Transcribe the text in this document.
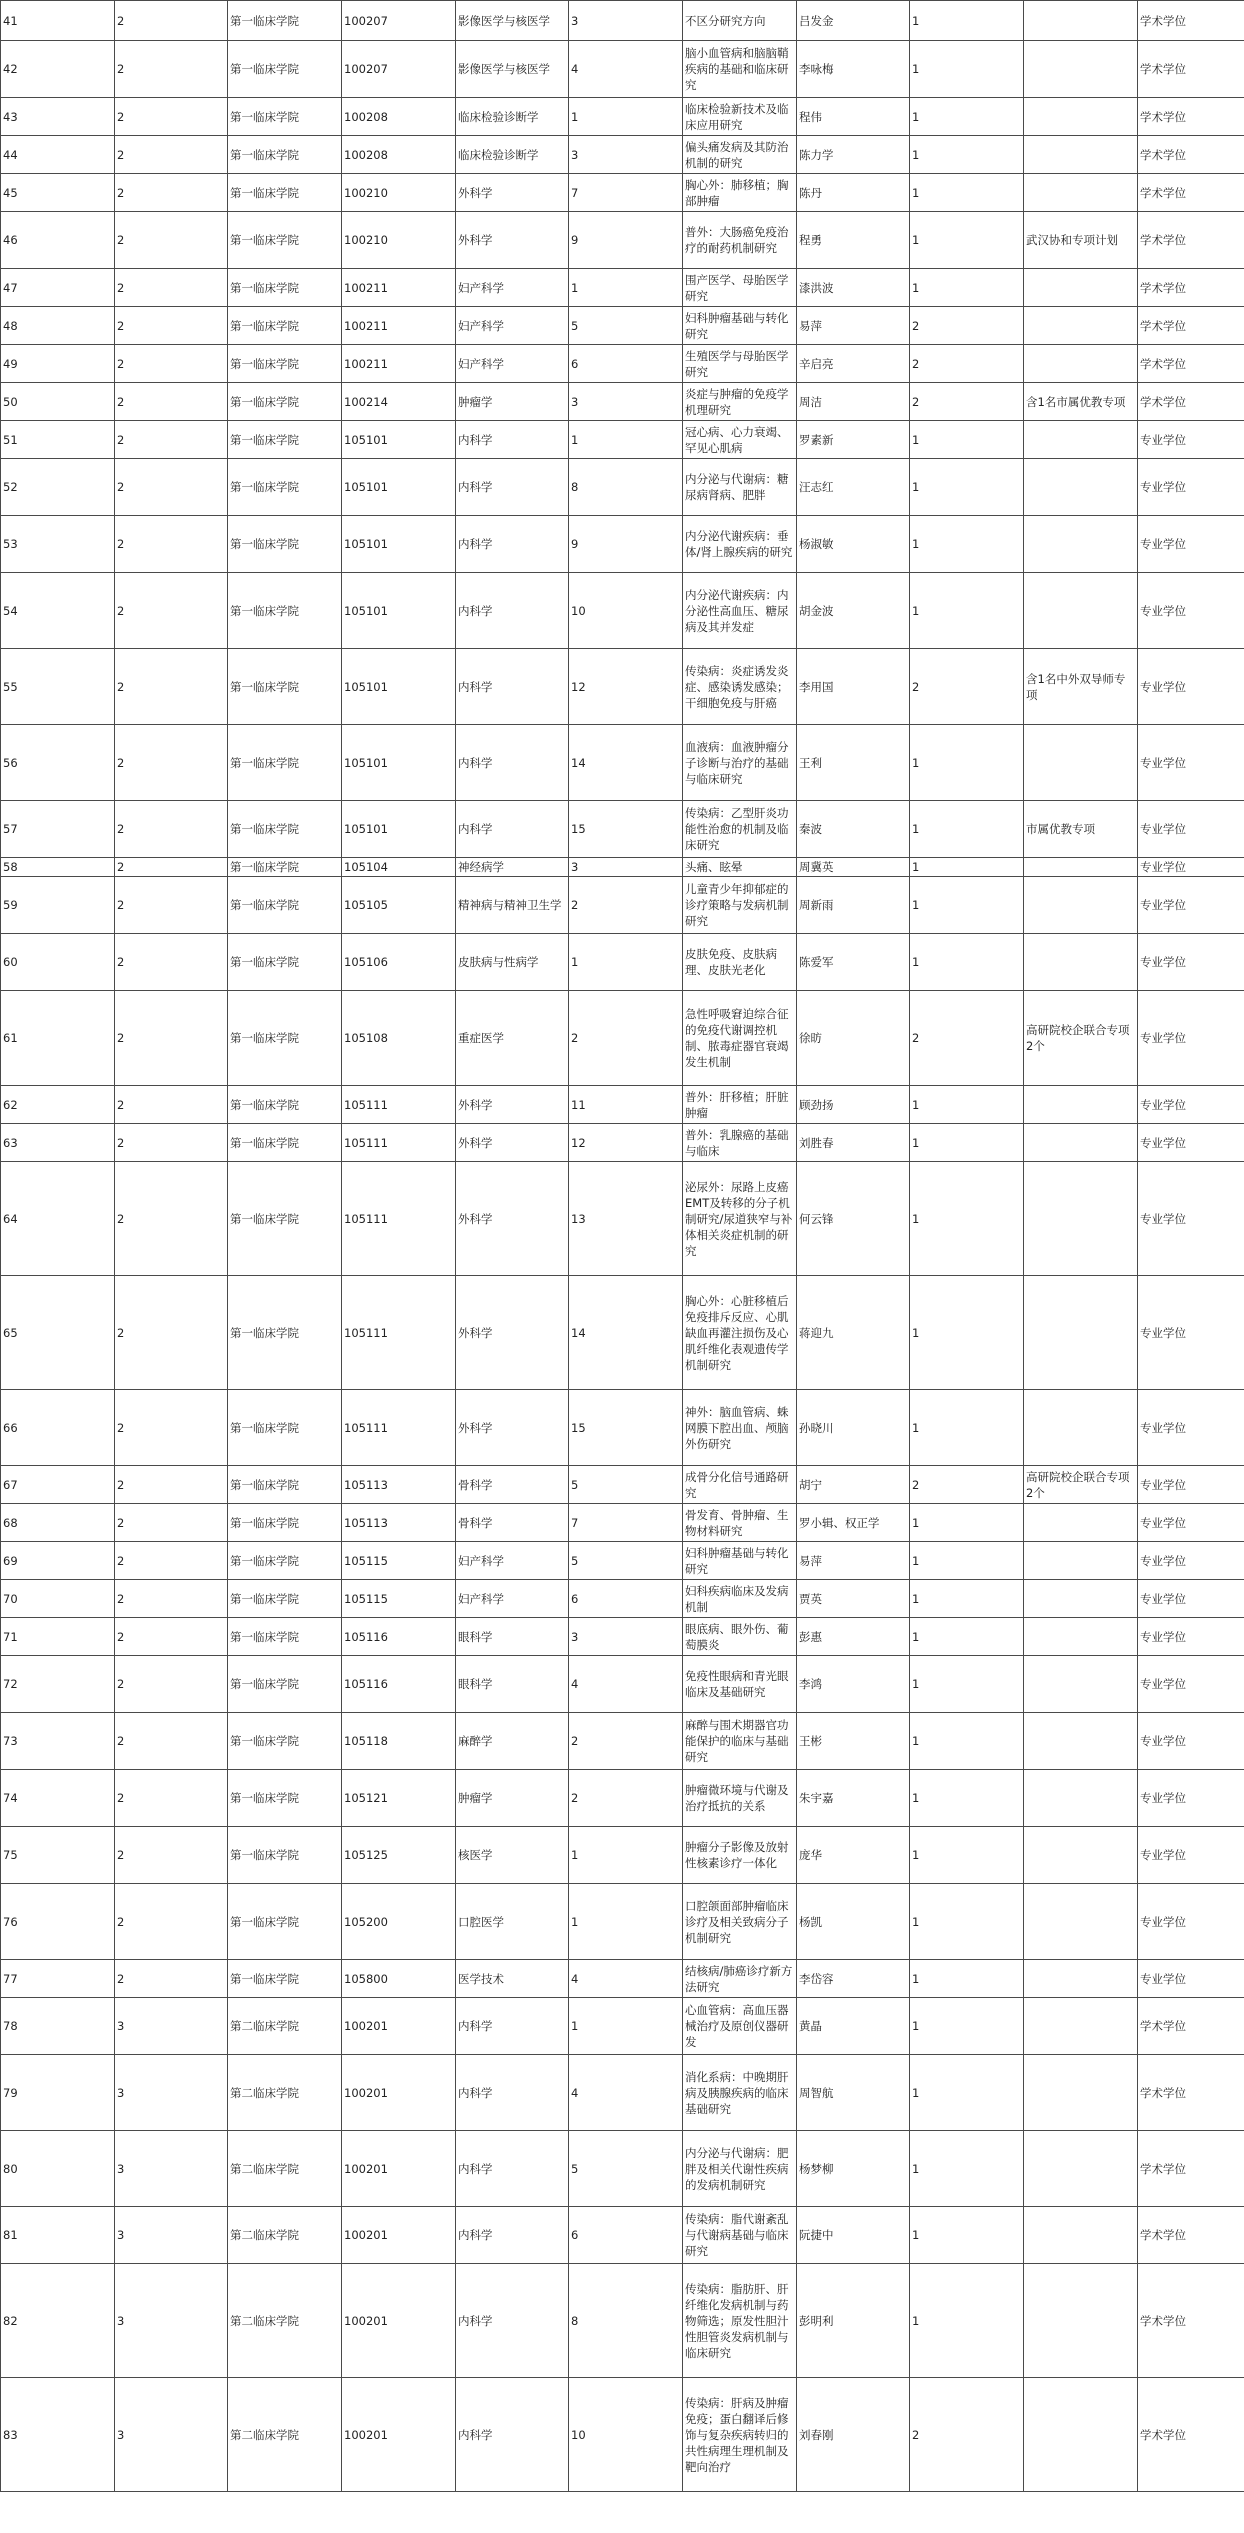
41	2	第一临床学院	100207	影像医学与核医学	3	不区分研究方向	吕发金	1		学术学位
42	2	第一临床学院	100207	影像医学与核医学	4	脑小血管病和脑脑鞘疾病的基础和临床研究	李咏梅	1		学术学位
43	2	第一临床学院	100208	临床检验诊断学	1	临床检验新技术及临床应用研究	程伟	1		学术学位
44	2	第一临床学院	100208	临床检验诊断学	3	偏头痛发病及其防治机制的研究	陈力学	1		学术学位
45	2	第一临床学院	100210	外科学	7	胸心外：肺移植；胸部肿瘤	陈丹	1		学术学位
46	2	第一临床学院	100210	外科学	9	普外：大肠癌免疫治疗的耐药机制研究	程勇	1	武汉协和专项计划	学术学位
47	2	第一临床学院	100211	妇产科学	1	围产医学、母胎医学研究	漆洪波	1		学术学位
48	2	第一临床学院	100211	妇产科学	5	妇科肿瘤基础与转化研究	易萍	2		学术学位
49	2	第一临床学院	100211	妇产科学	6	生殖医学与母胎医学研究	辛启亮	2		学术学位
50	2	第一临床学院	100214	肿瘤学	3	炎症与肿瘤的免疫学机理研究	周洁	2	含1名市属优教专项	学术学位
51	2	第一临床学院	105101	内科学	1	冠心病、心力衰竭、罕见心肌病	罗素新	1		专业学位
52	2	第一临床学院	105101	内科学	8	内分泌与代谢病：糖尿病肾病、肥胖	汪志红	1		专业学位
53	2	第一临床学院	105101	内科学	9	内分泌代谢疾病：垂体/肾上腺疾病的研究	杨淑敏	1		专业学位
54	2	第一临床学院	105101	内科学	10	内分泌代谢疾病：内分泌性高血压、糖尿病及其并发症	胡金波	1		专业学位
55	2	第一临床学院	105101	内科学	12	传染病：炎症诱发炎症、感染诱发感染；干细胞免疫与肝癌	李用国	2	含1名中外双导师专项	专业学位
56	2	第一临床学院	105101	内科学	14	血液病：血液肿瘤分子诊断与治疗的基础与临床研究	王利	1		专业学位
57	2	第一临床学院	105101	内科学	15	传染病：乙型肝炎功能性治愈的机制及临床研究	秦波	1	市属优教专项	专业学位
58	2	第一临床学院	105104	神经病学	3	头痛、眩晕	周冀英	1		专业学位
59	2	第一临床学院	105105	精神病与精神卫生学	2	儿童青少年抑郁症的诊疗策略与发病机制研究	周新雨	1		专业学位
60	2	第一临床学院	105106	皮肤病与性病学	1	皮肤免疫、皮肤病理、皮肤光老化	陈爱军	1		专业学位
61	2	第一临床学院	105108	重症医学	2	急性呼吸窘迫综合征的免疫代谢调控机制、脓毒症器官衰竭发生机制	徐昉	2	高研院校企联合专项2个	专业学位
62	2	第一临床学院	105111	外科学	11	普外：肝移植；肝脏肿瘤	顾劲扬	1		专业学位
63	2	第一临床学院	105111	外科学	12	普外：乳腺癌的基础与临床	刘胜春	1		专业学位
64	2	第一临床学院	105111	外科学	13	泌尿外：尿路上皮癌EMT及转移的分子机制研究/尿道狭窄与补体相关炎症机制的研究	何云锋	1		专业学位
65	2	第一临床学院	105111	外科学	14	胸心外：心脏移植后免疫排斥反应、心肌缺血再灌注损伤及心肌纤维化表观遗传学机制研究	蒋迎九	1		专业学位
66	2	第一临床学院	105111	外科学	15	神外：脑血管病、蛛网膜下腔出血、颅脑外伤研究	孙晓川	1		专业学位
67	2	第一临床学院	105113	骨科学	5	成骨分化信号通路研究	胡宁	2	高研院校企联合专项2个	专业学位
68	2	第一临床学院	105113	骨科学	7	骨发育、骨肿瘤、生物材料研究	罗小辑、权正学	1		专业学位
69	2	第一临床学院	105115	妇产科学	5	妇科肿瘤基础与转化研究	易萍	1		专业学位
70	2	第一临床学院	105115	妇产科学	6	妇科疾病临床及发病机制	贾英	1		专业学位
71	2	第一临床学院	105116	眼科学	3	眼底病、眼外伤、葡萄膜炎	彭惠	1		专业学位
72	2	第一临床学院	105116	眼科学	4	免疫性眼病和青光眼临床及基础研究	李鸿	1		专业学位
73	2	第一临床学院	105118	麻醉学	2	麻醉与围术期器官功能保护的临床与基础研究	王彬	1		专业学位
74	2	第一临床学院	105121	肿瘤学	2	肿瘤微环境与代谢及治疗抵抗的关系	朱宇嘉	1		专业学位
75	2	第一临床学院	105125	核医学	1	肿瘤分子影像及放射性核素诊疗一体化	庞华	1		专业学位
76	2	第一临床学院	105200	口腔医学	1	口腔颌面部肿瘤临床诊疗及相关致病分子机制研究	杨凯	1		专业学位
77	2	第一临床学院	105800	医学技术	4	结核病/肺癌诊疗新方法研究	李岱容	1		专业学位
78	3	第二临床学院	100201	内科学	1	心血管病：高血压器械治疗及原创仪器研发	黄晶	1		学术学位
79	3	第二临床学院	100201	内科学	4	消化系病：中晚期肝病及胰腺疾病的临床基础研究	周智航	1		学术学位
80	3	第二临床学院	100201	内科学	5	内分泌与代谢病：肥胖及相关代谢性疾病的发病机制研究	杨梦柳	1		学术学位
81	3	第二临床学院	100201	内科学	6	传染病：脂代谢紊乱与代谢病基础与临床研究	阮捷中	1		学术学位
82	3	第二临床学院	100201	内科学	8	传染病：脂肪肝、肝纤维化发病机制与药物筛选；原发性胆汁性胆管炎发病机制与临床研究	彭明利	1		学术学位
83	3	第二临床学院	100201	内科学	10	传染病：肝病及肿瘤免疫；蛋白翻译后修饰与复杂疾病转归的共性病理生理机制及靶向治疗	刘春刚	2		学术学位
